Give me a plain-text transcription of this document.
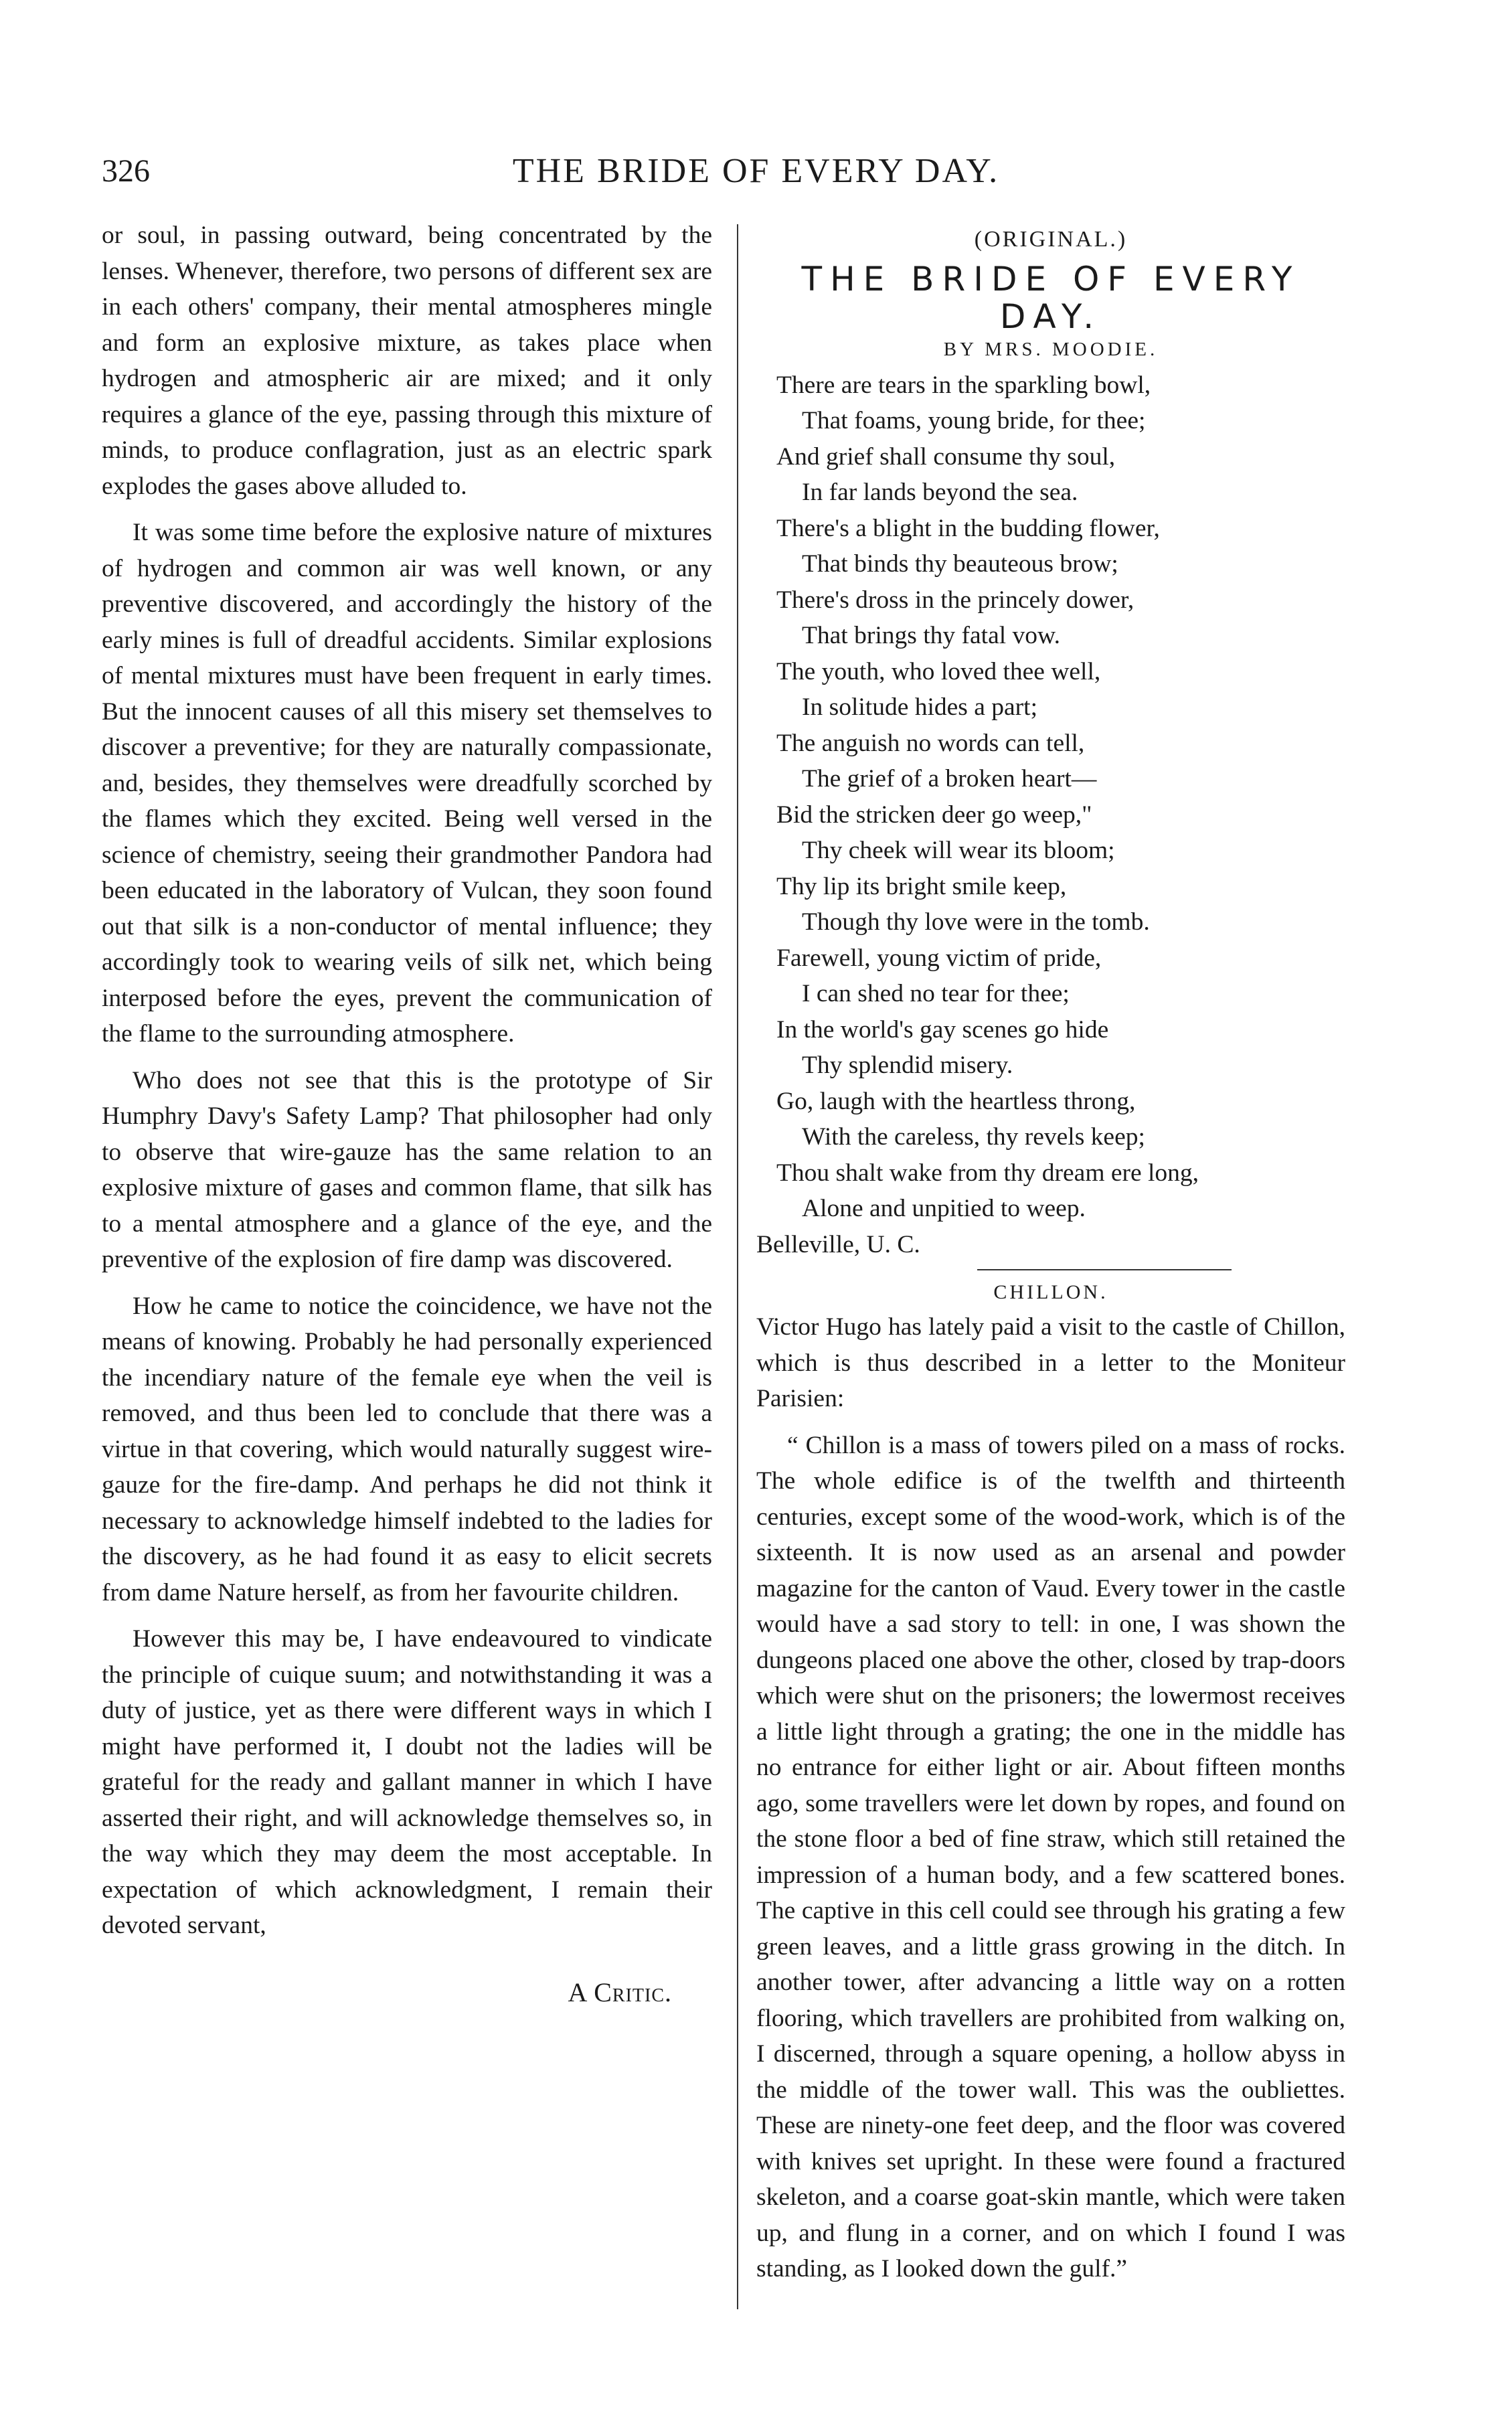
326	THE BRIDE OF EVERY DAY.

or soul, in passing outward, being concentrated by the lenses. Whenever, therefore, two persons of different sex are in each others' company, their mental atmospheres mingle and form an explosive mixture, as takes place when hydrogen and atmospheric air are mixed; and it only requires a glance of the eye, passing through this mixture of minds, to produce conflagration, just as an electric spark explodes the gases above alluded to.

It was some time before the explosive nature of mixtures of hydrogen and common air was well known, or any preventive discovered, and accordingly the history of the early mines is full of dreadful accidents. Similar explosions of mental mixtures must have been frequent in early times. But the innocent causes of all this misery set themselves to discover a preventive; for they are naturally compassionate, and, besides, they themselves were dreadfully scorched by the flames which they excited. Being well versed in the science of chemistry, seeing their grandmother Pandora had been educated in the laboratory of Vulcan, they soon found out that silk is a non-conductor of mental influence; they accordingly took to wearing veils of silk net, which being interposed before the eyes, prevent the communication of the flame to the surrounding atmosphere.

Who does not see that this is the prototype of Sir Humphry Davy's Safety Lamp? That philosopher had only to observe that wire-gauze has the same relation to an explosive mixture of gases and common flame, that silk has to a mental atmosphere and a glance of the eye, and the preventive of the explosion of fire damp was discovered.

How he came to notice the coincidence, we have not the means of knowing. Probably he had personally experienced the incendiary nature of the female eye when the veil is removed, and thus been led to conclude that there was a virtue in that covering, which would naturally suggest wire-gauze for the fire-damp. And perhaps he did not think it necessary to acknowledge himself indebted to the ladies for the discovery, as he had found it as easy to elicit secrets from dame Nature herself, as from her favourite children.

However this may be, I have endeavoured to vindicate the principle of cuique suum; and notwithstanding it was a duty of justice, yet as there were different ways in which I might have performed it, I doubt not the ladies will be grateful for the ready and gallant manner in which I have asserted their right, and will acknowledge themselves so, in the way which they may deem the most acceptable. In expectation of which acknowledgment, I remain their devoted servant,

A Critic.
(ORIGINAL.)
THE BRIDE OF EVERY DAY.
BY MRS. MOODIE.
There are tears in the sparkling bowl,
That foams, young bride, for thee;
And grief shall consume thy soul,
In far lands beyond the sea.
There's a blight in the budding flower,
That binds thy beauteous brow;
There's dross in the princely dower,
That brings thy fatal vow.
The youth, who loved thee well,
In solitude hides a part;
The anguish no words can tell,
The grief of a broken heart—
Bid the stricken deer go weep,"
Thy cheek will wear its bloom;
Thy lip its bright smile keep,
Though thy love were in the tomb.
Farewell, young victim of pride,
I can shed no tear for thee;
In the world's gay scenes go hide
Thy splendid misery.
Go, laugh with the heartless throng,
With the careless, thy revels keep;
Thou shalt wake from thy dream ere long,
Alone and unpitied to weep.
Belleville, U. C.
CHILLON.

Victor Hugo has lately paid a visit to the castle of Chillon, which is thus described in a letter to the Moniteur Parisien:

“ Chillon is a mass of towers piled on a mass of rocks. The whole edifice is of the twelfth and thirteenth centuries, except some of the wood-work, which is of the sixteenth. It is now used as an arsenal and powder magazine for the canton of Vaud. Every tower in the castle would have a sad story to tell: in one, I was shown the dungeons placed one above the other, closed by trap-doors which were shut on the prisoners; the lowermost receives a little light through a grating; the one in the middle has no entrance for either light or air. About fifteen months ago, some travellers were let down by ropes, and found on the stone floor a bed of fine straw, which still retained the impression of a human body, and a few scattered bones. The captive in this cell could see through his grating a few green leaves, and a little grass growing in the ditch. In another tower, after advancing a little way on a rotten flooring, which travellers are prohibited from walking on, I discerned, through a square opening, a hollow abyss in the middle of the tower wall. This was the oubliettes. These are ninety-one feet deep, and the floor was covered with knives set upright. In these were found a fractured skeleton, and a coarse goat-skin mantle, which were taken up, and flung in a corner, and on which I found I was standing, as I looked down the gulf.”
